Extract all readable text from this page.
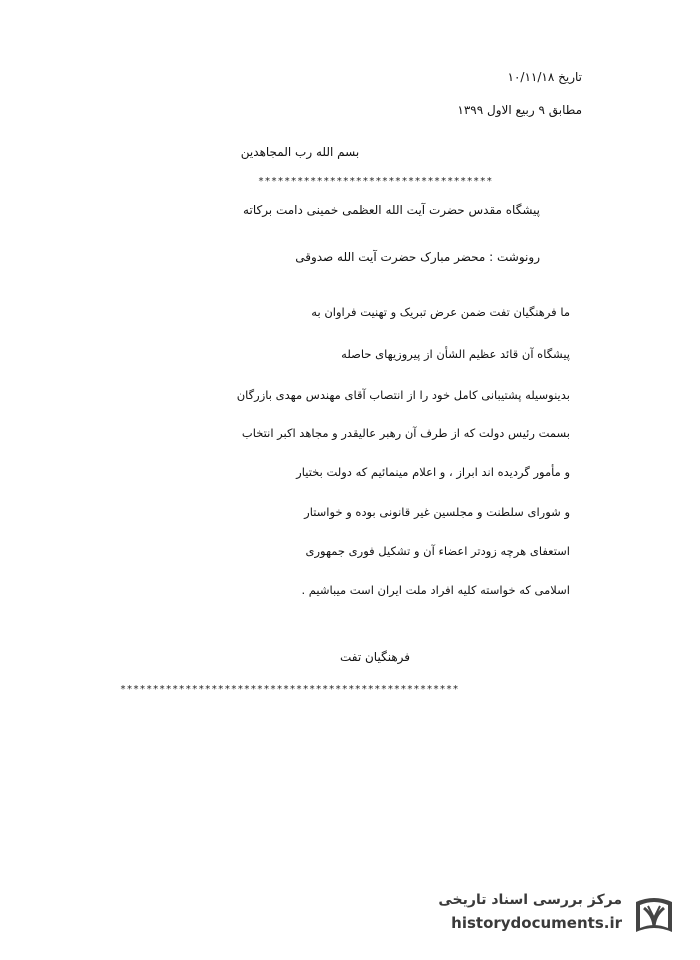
تاریخ ۱۰/۱۱/۱۸
مطابق ۹ ربیع الاول ۱۳۹۹
بسم الله رب المجاهدین
************************************
پیشگاه مقدس حضرت آیت الله العظمی خمینی دامت برکاته
رونوشت : محضر مبارک حضرت آیت الله صدوقی
ما فرهنگیان تفت ضمن عرض تبریک و تهنیت فراوان به
پیشگاه آن قائد عظیم الشأن از پیروزیهای حاصله
بدینوسیله پشتیبانی کامل خود را از انتصاب آقای مهندس مهدی بازرگان
بسمت رئیس دولت که از طرف آن رهبر عالیقدر و مجاهد اکبر انتخاب
و مأمور گردیده اند ابراز ، و اعلام مینمائیم که دولت بختیار
و شورای سلطنت و مجلسین غیر قانونی بوده و خواستار
استعفای هرچه زودتر اعضاء آن و تشکیل فوری جمهوری
اسلامی که خواسته کلیه افراد ملت ایران است میباشیم .
فرهنگیان تفت
****************************************************
مرکز بررسی اسناد تاریخی
historydocuments.ir
